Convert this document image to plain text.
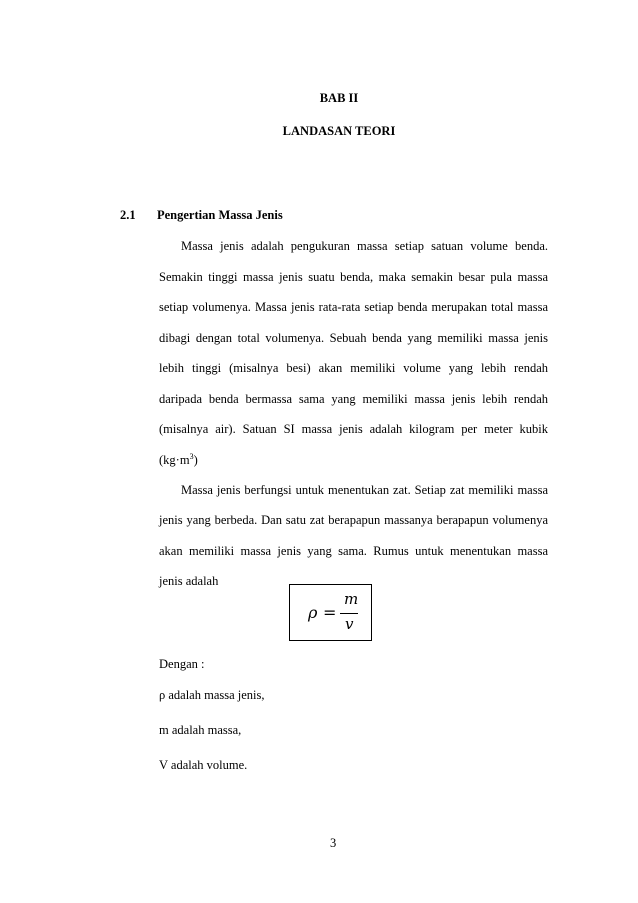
BAB II
LANDASAN TEORI
2.1 Pengertian Massa Jenis
Massa jenis adalah pengukuran massa setiap satuan volume benda.
Semakin tinggi massa jenis suatu benda, maka semakin besar pula massa
setiap volumenya. Massa jenis rata-rata setiap benda merupakan total massa
dibagi dengan total volumenya. Sebuah benda yang memiliki massa jenis
lebih tinggi (misalnya besi) akan memiliki volume yang lebih rendah
daripada benda bermassa sama yang memiliki massa jenis lebih rendah
(misalnya air). Satuan SI massa jenis adalah kilogram per meter kubik
$(kg\cdot m^3)$
Massa jenis berfungsi untuk menentukan zat. Setiap zat memiliki massa
jenis yang berbeda. Dan satu zat berapapun massanya berapapun volumenya
akan memiliki massa jenis yang sama. Rumus untuk menentukan massa
jenis adalah
ρ =
m
v
Dengan :
ρ adalah massa jenis,
m adalah massa,
V adalah volume.
3
